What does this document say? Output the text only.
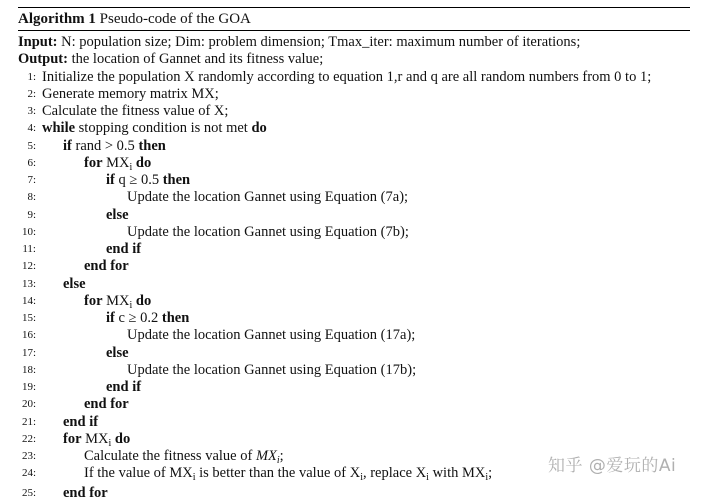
Algorithm 1 Pseudo-code of the GOA
Input: N: population size; Dim: problem dimension; Tmax_iter: maximum number of iterations;
Output: the location of Gannet and its fitness value;
1: Initialize the population X randomly according to equation 1,r and q are all random numbers from 0 to 1;
2: Generate memory matrix MX;
3: Calculate the fitness value of X;
4: while stopping condition is not met do
5:	if rand > 0.5 then
6:	for $MX_i$ do
7:	if q ≥ 0.5 then
8:	Update the location Gannet using Equation (7a);
9:	else
10:	Update the location Gannet using Equation (7b);
11:	end if
12:	end for
13:	else
14:	for $MX_i$ do
15:	if c ≥ 0.2 then
16:	Update the location Gannet using Equation (17a);
17:	else
18:	Update the location Gannet using Equation (17b);
19:	end if
20:	end for
21:	end if
22:	for $MX_i$ do
23:	Calculate the fitness value of $MX_i$;
24:	If the value of $MX_i$ is better than the value of $X_i$, replace $X_i$ with $MX_i$;
25:	end for
知乎 @爱玩的Ai
